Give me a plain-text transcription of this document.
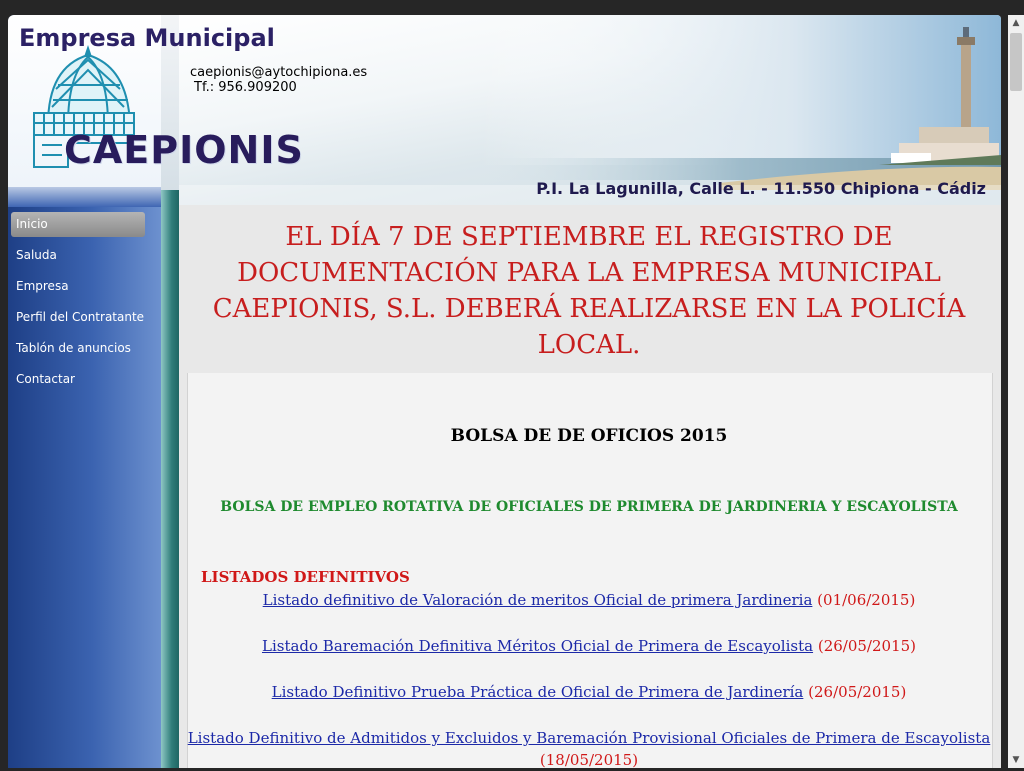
Empresa Municipal
CAEPIONIS
caepionis@aytochipiona.es
Tf.: 956.909200
P.I. La Lagunilla, Calle L. - 11.550 Chipiona - Cádiz
Inicio
Saluda
Empresa
Perfil del Contratante
Tablón de anuncios
Contactar
EL DÍA 7 DE SEPTIEMBRE EL REGISTRO DE DOCUMENTACIÓN PARA LA EMPRESA MUNICIPAL CAEPIONIS, S.L. DEBERÁ REALIZARSE EN LA POLICÍA LOCAL.
BOLSA DE DE OFICIOS 2015
BOLSA DE EMPLEO ROTATIVA DE OFICIALES DE PRIMERA DE JARDINERIA Y ESCAYOLISTA
LISTADOS DEFINITIVOS
Listado definitivo de Valoración de meritos Oficial de primera Jardineria (01/06/2015)
Listado Baremación Definitiva Méritos Oficial de Primera de Escayolista (26/05/2015)
Listado Definitivo Prueba Práctica de Oficial de Primera de Jardinería (26/05/2015)
Listado Definitivo de Admitidos y Excluidos y Baremación Provisional Oficiales de Primera de Escayolista
(18/05/2015)
▲
▼
